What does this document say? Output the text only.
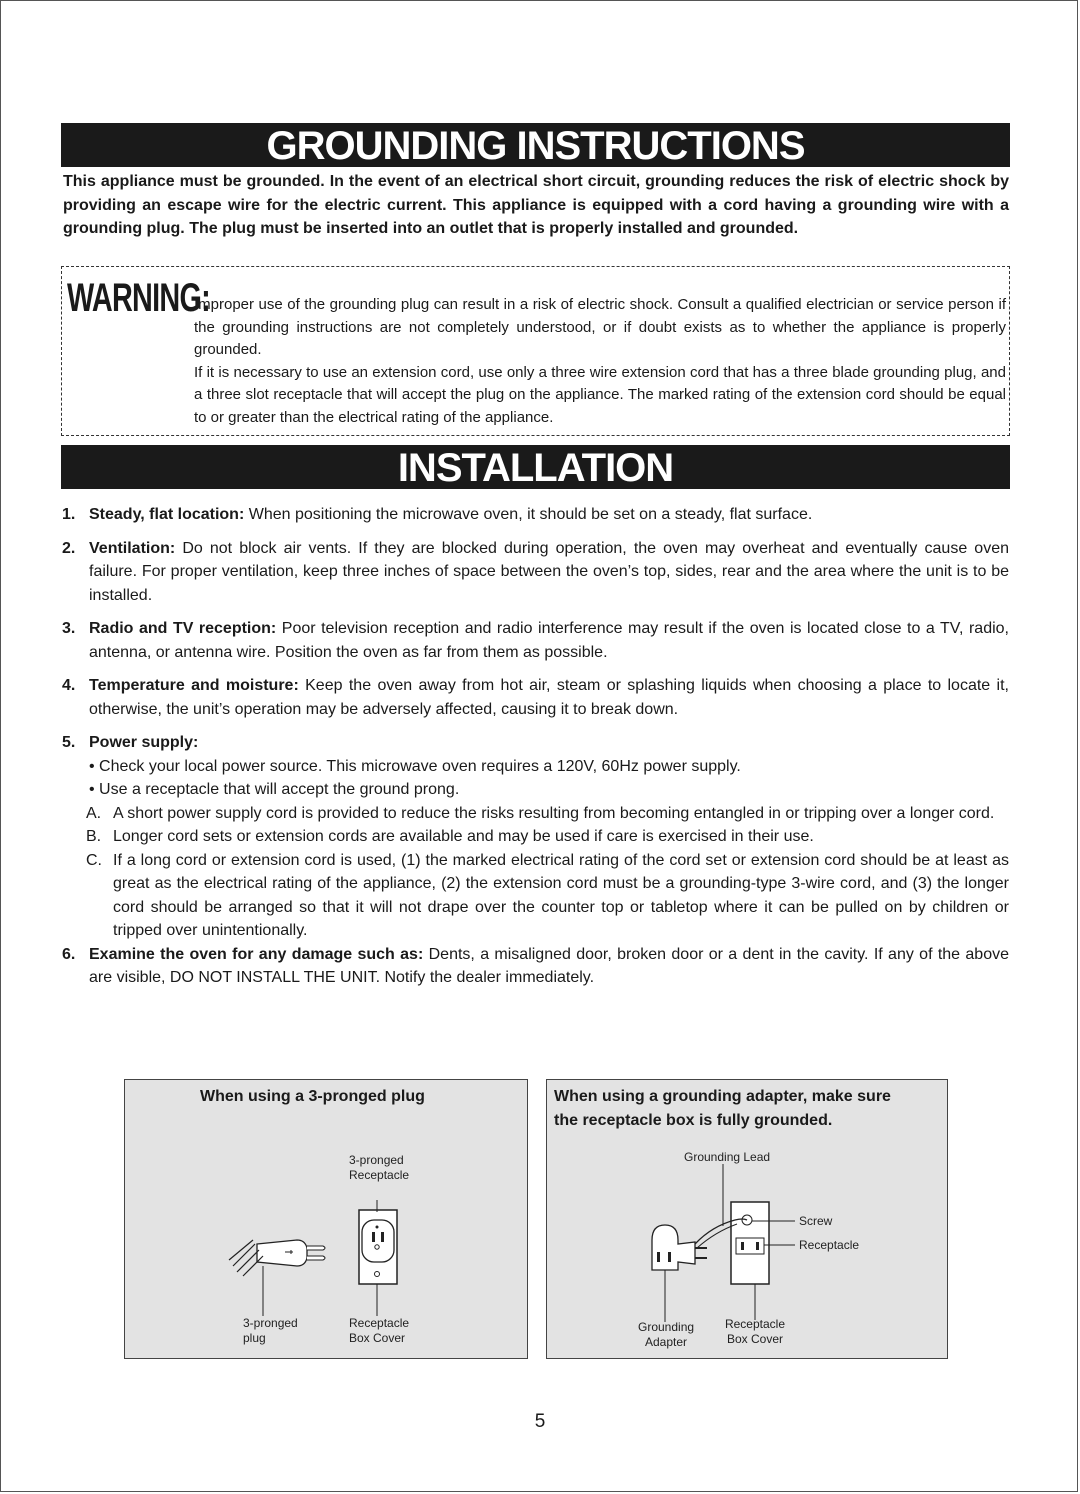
GROUNDING INSTRUCTIONS
This appliance must be grounded. In the event of an electrical short circuit, grounding reduces the risk of electric shock by providing an escape wire for the electric current. This appliance is equipped with a cord having a grounding wire with a grounding plug. The plug must be inserted into an outlet that is properly installed and grounded.
WARNING:

Improper use of the grounding plug can result in a risk of electric shock. Consult a qualified electrician or service person if the grounding instructions are not completely understood, or if doubt exists as to whether the appliance is properly grounded.

If it is necessary to use an extension cord, use only a three wire extension cord that has a three blade grounding plug, and a three slot receptacle that will accept the plug on the appliance. The marked rating of the extension cord should be equal to or greater than the electrical rating of the appliance.

INSTALLATION
1. Steady, flat location: When positioning the microwave oven, it should be set on a steady, flat surface.
2. Ventilation: Do not block air vents. If they are blocked during operation, the oven may overheat and eventually cause oven failure. For proper ventilation, keep three inches of space between the oven’s top, sides, rear and the area where the unit is to be installed.
3. Radio and TV reception: Poor television reception and radio interference may result if the oven is located close to a TV, radio, antenna, or antenna wire. Position the oven as far from them as possible.
4. Temperature and moisture: Keep the oven away from hot air, steam or splashing liquids when choosing a place to locate it, otherwise, the unit’s operation may be adversely affected, causing it to break down.
5. Power supply:
• Check your local power source. This microwave oven requires a 120V, 60Hz power supply.
• Use a receptacle that will accept the ground prong.
A. A short power supply cord is provided to reduce the risks resulting from becoming entangled in or tripping over a longer cord.
B. Longer cord sets or extension cords are available and may be used if care is exercised in their use.
C. If a long cord or extension cord is used, (1) the marked electrical rating of the cord set or extension cord should be at least as great as the electrical rating of the appliance, (2) the extension cord must be a grounding-type 3-wire cord, and (3) the longer cord should be arranged so that it will not drape over the counter top or tabletop where it can be pulled on by children or tripped over unintentionally.
6. Examine the oven for any damage such as: Dents, a misaligned door, broken door or a dent in the cavity. If any of the above are visible, DO NOT INSTALL THE UNIT. Notify the dealer immediately.
When using a 3-pronged plug
3-pronged
Receptacle
3-pronged
plug
Receptacle
Box Cover
When using a grounding adapter, make sure
the receptacle box is fully grounded.
Grounding Lead
Screw
Receptacle
Grounding
Adapter
Receptacle
Box Cover
5
